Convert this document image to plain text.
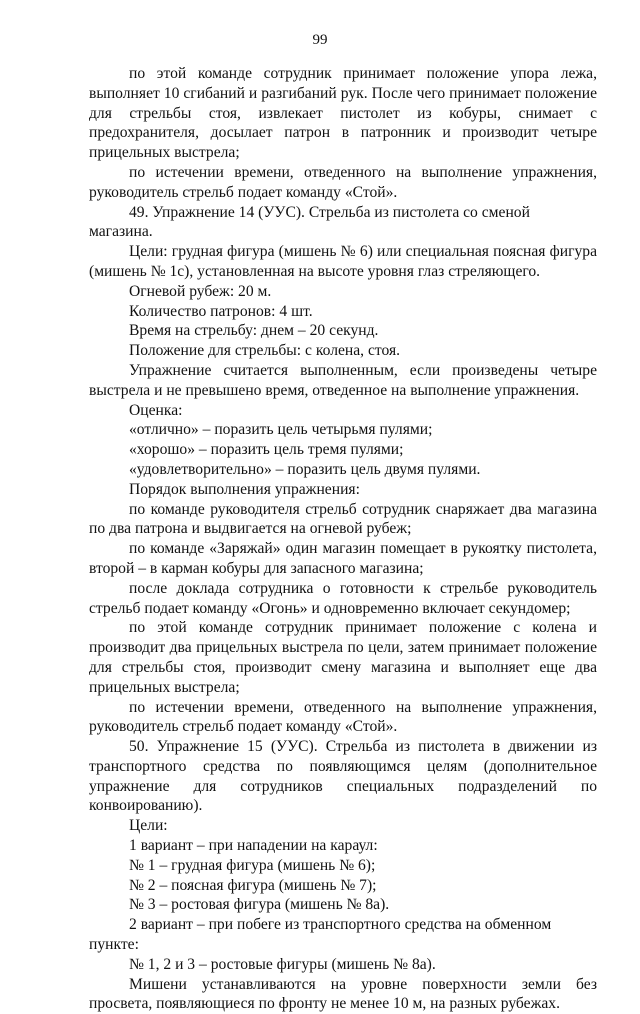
99

по этой команде сотрудник принимает положение упора лежа, выполняет 10 сгибаний и разгибаний рук. После чего принимает положение для стрельбы стоя, извлекает пистолет из кобуры, снимает с предохранителя, досылает патрон в патронник и производит четыре прицельных выстрела;

по истечении времени, отведенного на выполнение упражнения, руководитель стрельб подает команду «Стой».

49. Упражнение 14 (УУС). Стрельба из пистолета со сменой магазина.

Цели: грудная фигура (мишень № 6) или специальная поясная фигура (мишень № 1с), установленная на высоте уровня глаз стреляющего.

Огневой рубеж: 20 м.

Количество патронов: 4 шт.

Время на стрельбу: днем – 20 секунд.

Положение для стрельбы: с колена, стоя.

Упражнение считается выполненным, если произведены четыре выстрела и не превышено время, отведенное на выполнение упражнения.

Оценка:

«отлично» – поразить цель четырьмя пулями;

«хорошо» – поразить цель тремя пулями;

«удовлетворительно» – поразить цель двумя пулями.

Порядок выполнения упражнения:

по команде руководителя стрельб сотрудник снаряжает два магазина по два патрона и выдвигается на огневой рубеж;

по команде «Заряжай» один магазин помещает в рукоятку пистолета, второй – в карман кобуры для запасного магазина;

после доклада сотрудника о готовности к стрельбе руководитель стрельб подает команду «Огонь» и одновременно включает секундомер;

по этой команде сотрудник принимает положение с колена и производит два прицельных выстрела по цели, затем принимает положение для стрельбы стоя, производит смену магазина и выполняет еще два прицельных выстрела;

по истечении времени, отведенного на выполнение упражнения, руководитель стрельб подает команду «Стой».

50. Упражнение 15 (УУС). Стрельба из пистолета в движении из транспортного средства по появляющимся целям (дополнительное упражнение для сотрудников специальных подразделений по конвоированию).

Цели:

1 вариант – при нападении на караул:

№ 1 – грудная фигура (мишень № 6);

№ 2 – поясная фигура (мишень № 7);

№ 3 – ростовая фигура (мишень № 8а).

2 вариант – при побеге из транспортного средства на обменном пункте:

№ 1, 2 и 3 – ростовые фигуры (мишень № 8а).

Мишени устанавливаются на уровне поверхности земли без просвета, появляющиеся по фронту не менее 10 м, на разных рубежах.
